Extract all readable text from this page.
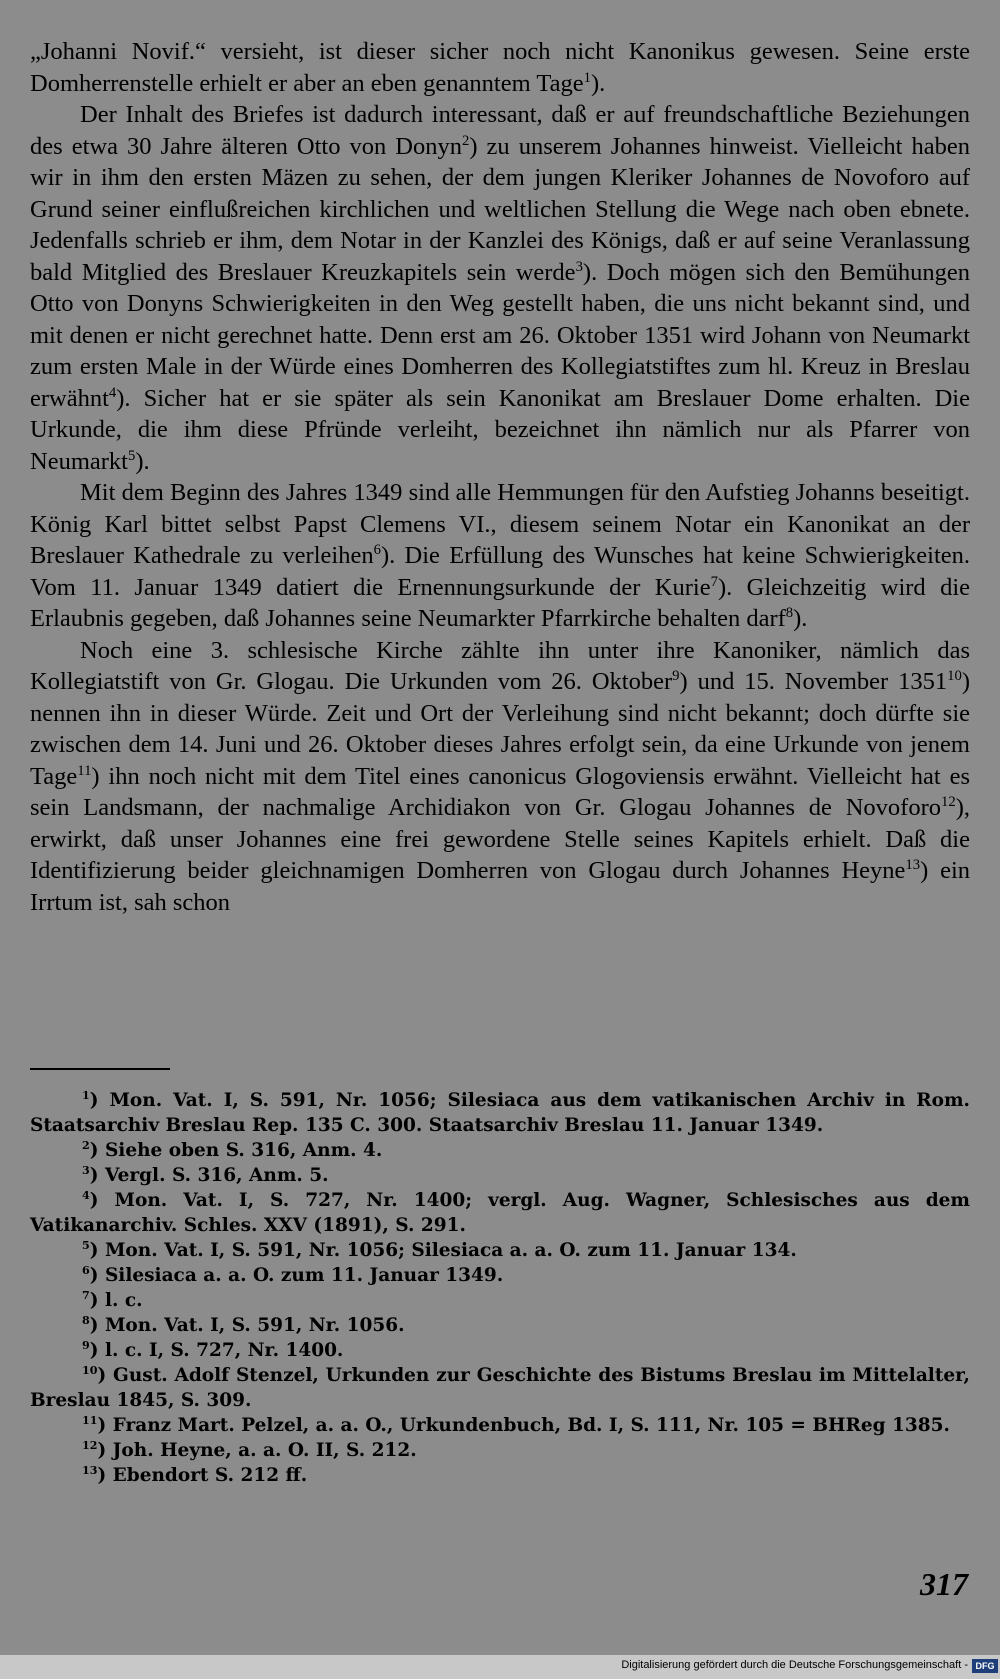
„Johanni Novif.“ versieht, ist dieser sicher noch nicht Kanonikus gewesen. Seine erste Domherrenstelle erhielt er aber an eben genanntem Tage$^1$).

Der Inhalt des Briefes ist dadurch interessant, daß er auf freundschaftliche Beziehungen des etwa 30 Jahre älteren Otto von Donyn$^2$) zu unserem Johannes hinweist. Vielleicht haben wir in ihm den ersten Mäzen zu sehen, der dem jungen Kleriker Johannes de Novoforo auf Grund seiner einflußreichen kirchlichen und weltlichen Stellung die Wege nach oben ebnete. Jedenfalls schrieb er ihm, dem Notar in der Kanzlei des Königs, daß er auf seine Veranlassung bald Mitglied des Breslauer Kreuzkapitels sein werde$^3$). Doch mögen sich den Bemühungen Otto von Donyns Schwierigkeiten in den Weg gestellt haben, die uns nicht bekannt sind, und mit denen er nicht gerechnet hatte. Denn erst am 26. Oktober 1351 wird Johann von Neumarkt zum ersten Male in der Würde eines Domherren des Kollegiatstiftes zum hl. Kreuz in Breslau erwähnt$^4$). Sicher hat er sie später als sein Kanonikat am Breslauer Dome erhalten. Die Urkunde, die ihm diese Pfründe verleiht, bezeichnet ihn nämlich nur als Pfarrer von Neumarkt$^5$).

Mit dem Beginn des Jahres 1349 sind alle Hemmungen für den Aufstieg Johanns beseitigt. König Karl bittet selbst Papst Clemens VI., diesem seinem Notar ein Kanonikat an der Breslauer Kathedrale zu verleihen$^6$). Die Erfüllung des Wunsches hat keine Schwierigkeiten. Vom 11. Januar 1349 datiert die Ernennungsurkunde der Kurie$^7$). Gleichzeitig wird die Erlaubnis gegeben, daß Johannes seine Neumarkter Pfarrkirche behalten darf$^8$).

Noch eine 3. schlesische Kirche zählte ihn unter ihre Kanoniker, nämlich das Kollegiatstift von Gr. Glogau. Die Urkunden vom 26. Oktober$^9$) und 15. November 1351$^{10}$) nennen ihn in dieser Würde. Zeit und Ort der Verleihung sind nicht bekannt; doch dürfte sie zwischen dem 14. Juni und 26. Oktober dieses Jahres erfolgt sein, da eine Urkunde von jenem Tage$^{11}$) ihn noch nicht mit dem Titel eines canonicus Glogoviensis erwähnt. Vielleicht hat es sein Landsmann, der nachmalige Archidiakon von Gr. Glogau Johannes de Novoforo$^{12}$), erwirkt, daß unser Johannes eine frei gewordene Stelle seines Kapitels erhielt. Daß die Identifizierung beider gleichnamigen Domherren von Glogau durch Johannes Heyne$^{13}$) ein Irrtum ist, sah schon

$^1$) Mon. Vat. I, S. 591, Nr. 1056; Silesiaca aus dem vatikanischen Archiv in Rom. Staatsarchiv Breslau Rep. 135 C. 300. Staatsarchiv Breslau 11. Januar 1349.

$^2$) Siehe oben S. 316, Anm. 4.

$^3$) Vergl. S. 316, Anm. 5.

$^4$) Mon. Vat. I, S. 727, Nr. 1400; vergl. Aug. Wagner, Schlesisches aus dem Vatikanarchiv. Schles. XXV (1891), S. 291.

$^5$) Mon. Vat. I, S. 591, Nr. 1056; Silesiaca a. a. O. zum 11. Januar 134.

$^6$) Silesiaca a. a. O. zum 11. Januar 1349.

$^7$) l. c.

$^8$) Mon. Vat. I, S. 591, Nr. 1056.

$^9$) l. c. I, S. 727, Nr. 1400.

$^{10}$) Gust. Adolf Stenzel, Urkunden zur Geschichte des Bistums Breslau im Mittelalter, Breslau 1845, S. 309.

$^{11}$) Franz Mart. Pelzel, a. a. O., Urkundenbuch, Bd. I, S. 111, Nr. 105 = BHReg 1385.

$^{12}$) Joh. Heyne, a. a. O. II, S. 212.

$^{13}$) Ebendort S. 212 ff.

317
Digitalisierung gefördert durch die Deutsche Forschungsgemeinschaft - DFG
